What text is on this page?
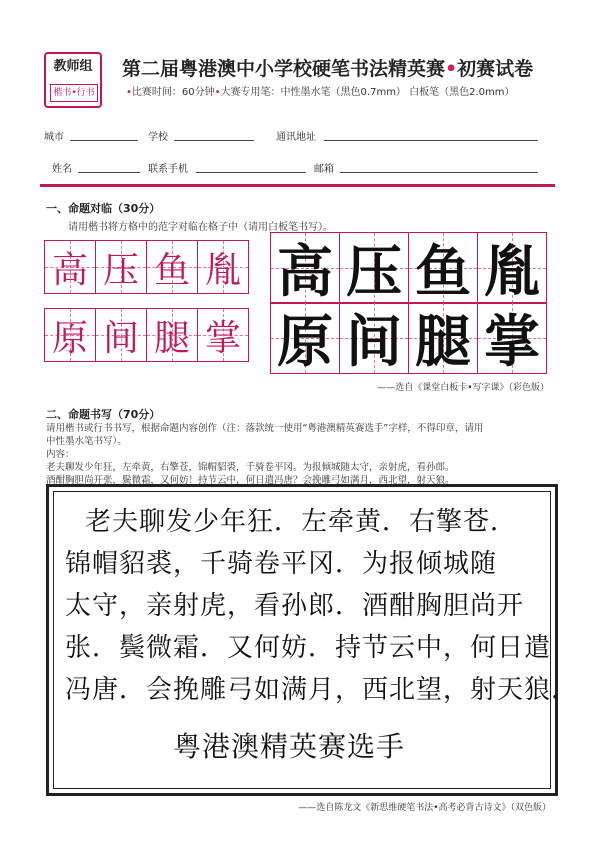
教师组
楷书•行书
第二届粤港澳中小学校硬笔书法精英赛•初赛试卷
•比赛时间：60分钟•大赛专用笔：中性墨水笔（黑色0.7mm） 白板笔（黑色2.0mm）
城市	学校	通讯地址
姓名	联系手机	邮箱
一、命题对临（30分）
请用楷书将方格中的范字对临在格子中（请用白板笔书写）。
高 压 鱼 胤
原 间 腿 掌
高 压 鱼 胤
原 间 腿 掌
——选自《课堂白板卡•写字课》（彩色版）
二、命题书写（70分）
请用楷书或行书书写，根据命题内容创作（注：落款统一使用“粤港澳精英赛选手”字样，不得印章，请用
中性墨水笔书写）。
内容：
老夫聊发少年狂，左牵黄，右擎苍，锦帽貂裘，千骑卷平冈。为报倾城随太守，亲射虎，看孙郎。
酒酣胸胆尚开张，鬓微霜，又何妨！持节云中，何日遣冯唐？会挽雕弓如满月，西北望，射天狼。
老夫聊发少年狂．左牵黄．右擎苍．
锦帽貂裘，千骑卷平冈．为报倾城随
太守，亲射虎，看孙郎．酒酣胸胆尚开
张．鬓微霜．又何妨．持节云中，何日遣
冯唐．会挽雕弓如满月，西北望，射天狼．
粤港澳精英赛选手
——选自陈龙文《新思维硬笔书法•高考必背古诗文》（双色版）
